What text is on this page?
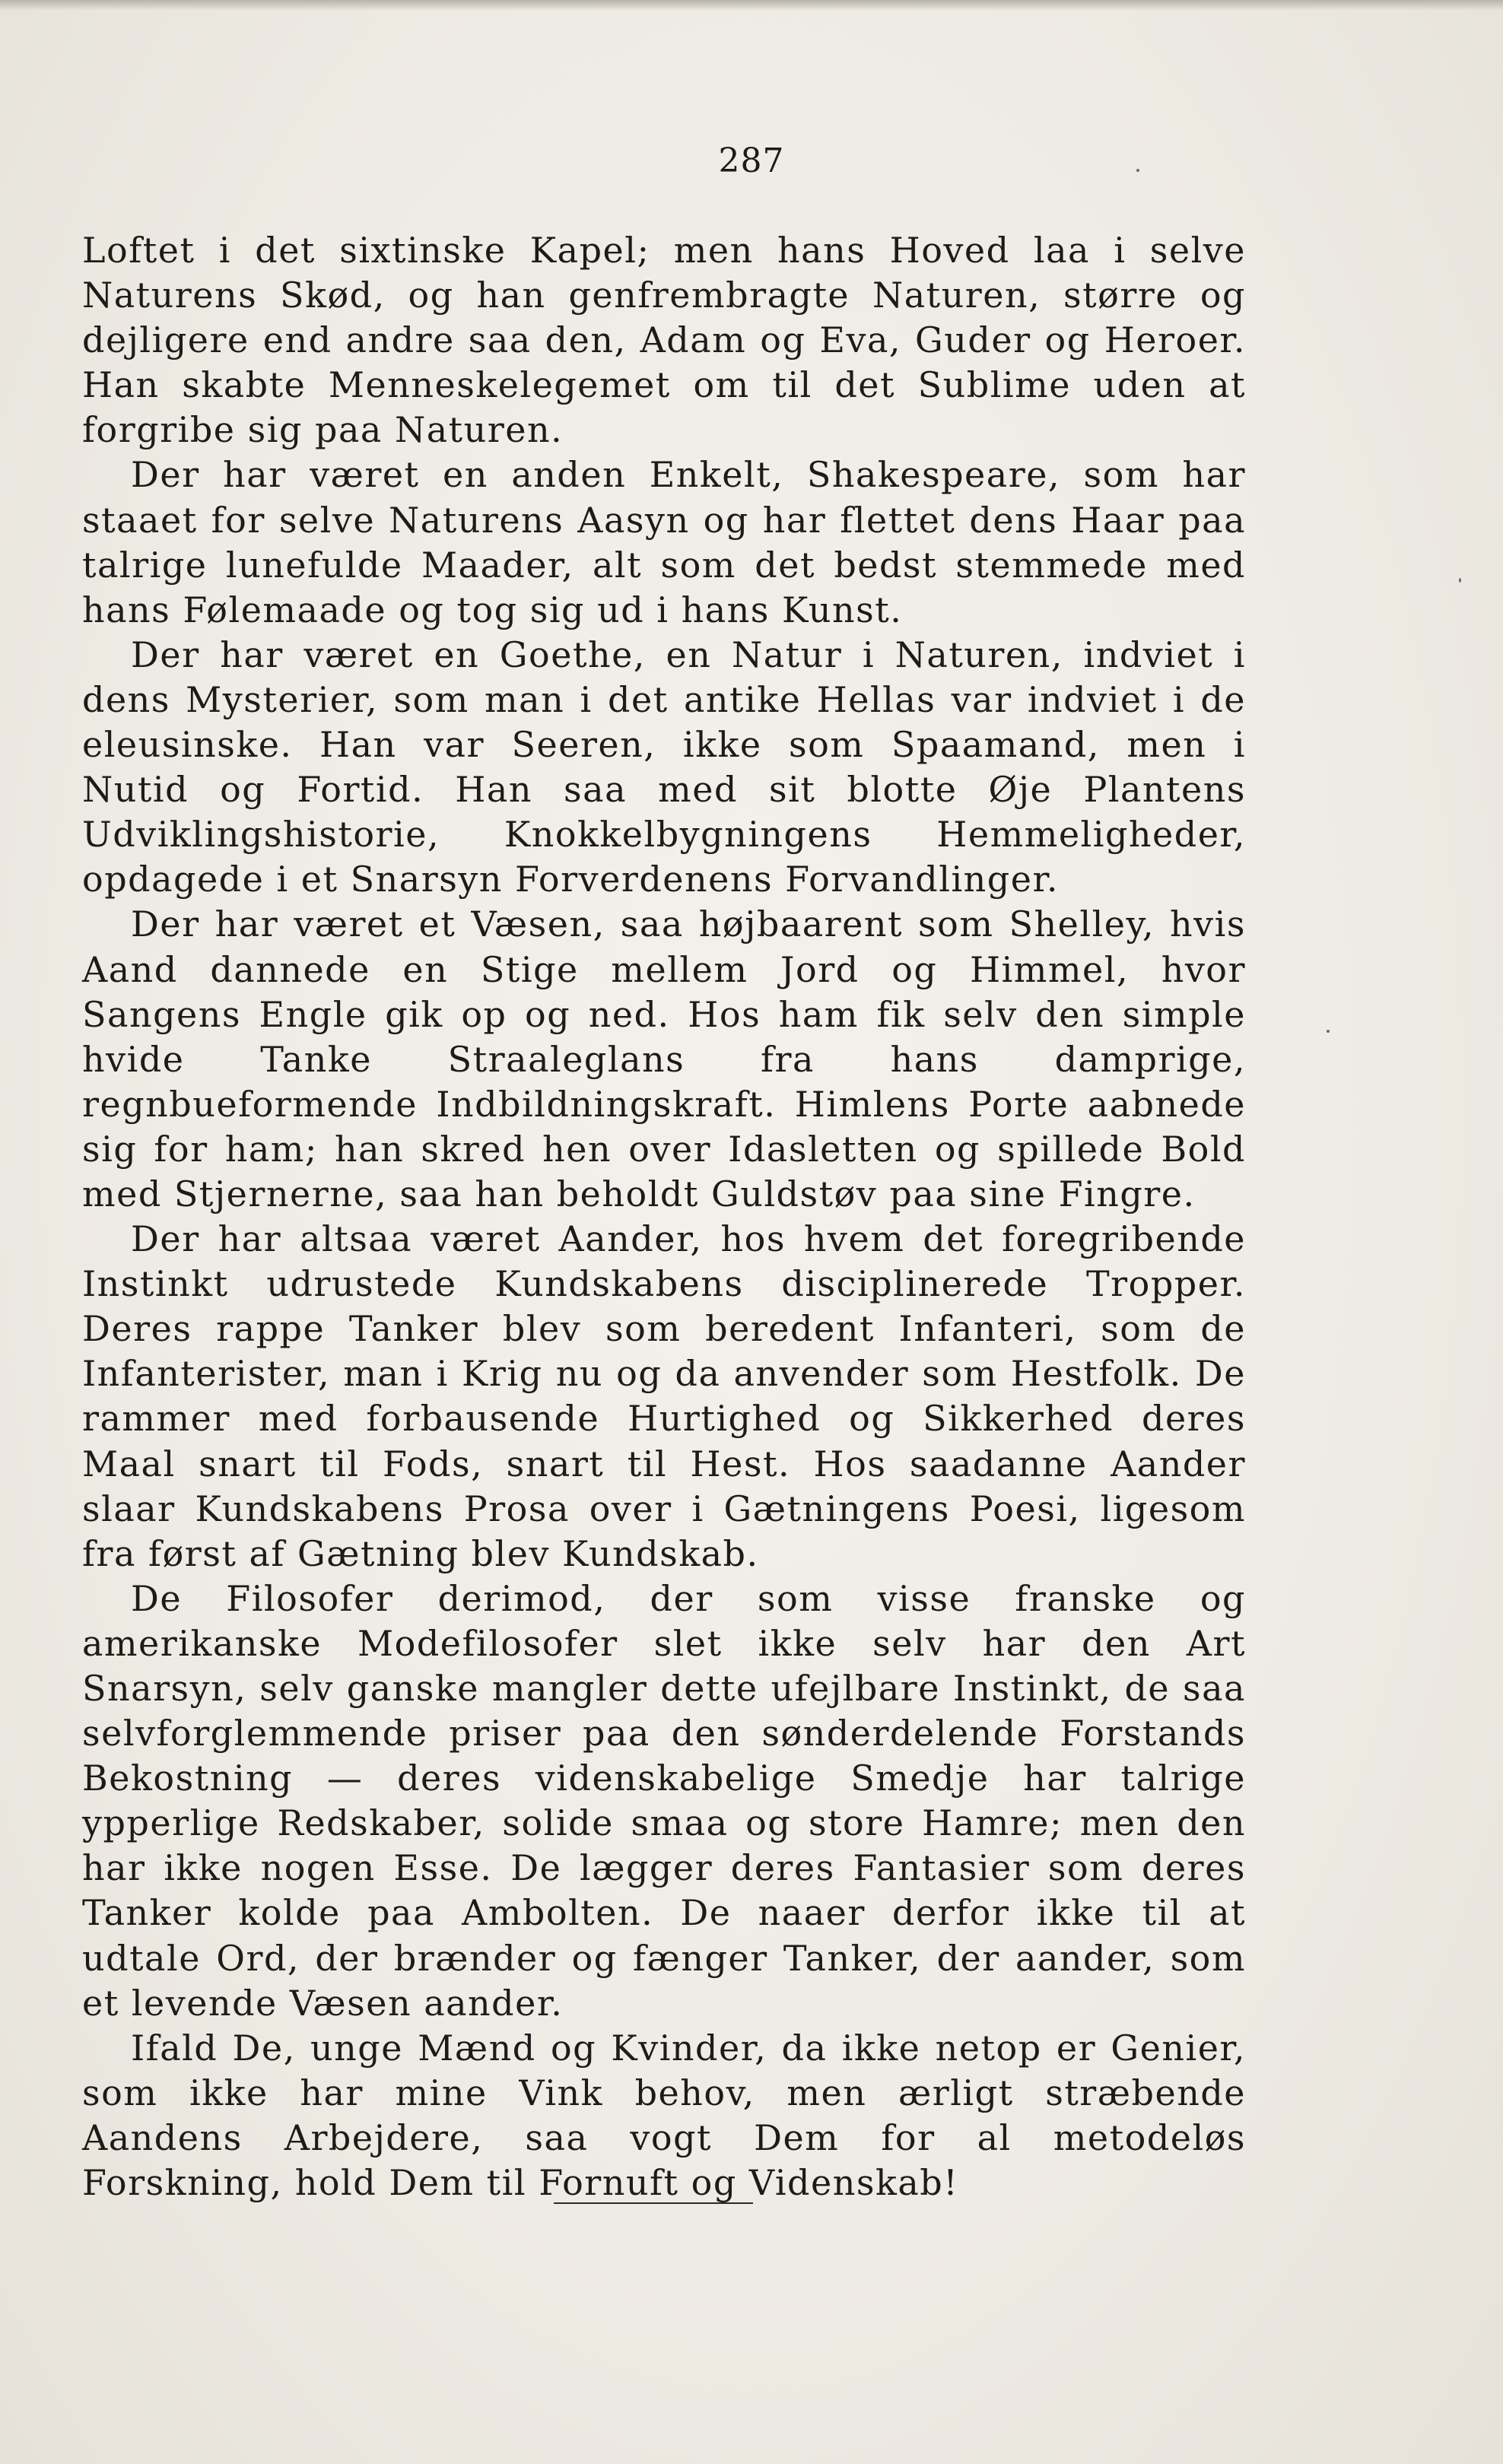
287

Loftet i det sixtinske Kapel; men hans Hoved laa i selve Naturens Skød, og han genfrembragte Naturen, større og dejligere end andre saa den, Adam og Eva, Guder og Heroer. Han skabte Menneskelegemet om til det Sublime uden at forgribe sig paa Naturen.

Der har været en anden Enkelt, Shakespeare, som har staaet for selve Naturens Aasyn og har flettet dens Haar paa talrige lunefulde Maader, alt som det bedst stemmede med hans Følemaade og tog sig ud i hans Kunst.

Der har været en Goethe, en Natur i Naturen, indviet i dens Mysterier, som man i det antike Hellas var indviet i de eleusinske. Han var Seeren, ikke som Spaamand, men i Nutid og Fortid. Han saa med sit blotte Øje Plantens Udviklingshistorie, Knokkelbygningens Hemmeligheder, opdagede i et Snarsyn Forverdenens Forvandlinger.

Der har været et Væsen, saa højbaarent som Shelley, hvis Aand dannede en Stige mellem Jord og Himmel, hvor Sangens Engle gik op og ned. Hos ham fik selv den simple hvide Tanke Straaleglans fra hans damprige, regnbueformende Indbildningskraft. Himlens Porte aabnede sig for ham; han skred hen over Idasletten og spillede Bold med Stjernerne, saa han beholdt Guldstøv paa sine Fingre.

Der har altsaa været Aander, hos hvem det foregribende Instinkt udrustede Kundskabens disciplinerede Tropper. Deres rappe Tanker blev som beredent Infanteri, som de Infanterister, man i Krig nu og da anvender som Hestfolk. De rammer med forbausende Hurtighed og Sikkerhed deres Maal snart til Fods, snart til Hest. Hos saadanne Aander slaar Kundskabens Prosa over i Gætningens Poesi, ligesom fra først af Gætning blev Kundskab.

De Filosofer derimod, der som visse franske og amerikanske Modefilosofer slet ikke selv har den Art Snarsyn, selv ganske mangler dette ufejlbare Instinkt, de saa selvforglemmende priser paa den sønderdelende Forstands Bekostning — deres videnskabelige Smedje har talrige ypperlige Redskaber, solide smaa og store Hamre; men den har ikke nogen Esse. De lægger deres Fantasier som deres Tanker kolde paa Ambolten. De naaer derfor ikke til at udtale Ord, der brænder og fænger Tanker, der aander, som et levende Væsen aander.

Ifald De, unge Mænd og Kvinder, da ikke netop er Genier, som ikke har mine Vink behov, men ærligt stræbende Aandens Arbejdere, saa vogt Dem for al metodeløs Forskning, hold Dem til Fornuft og Videnskab!
